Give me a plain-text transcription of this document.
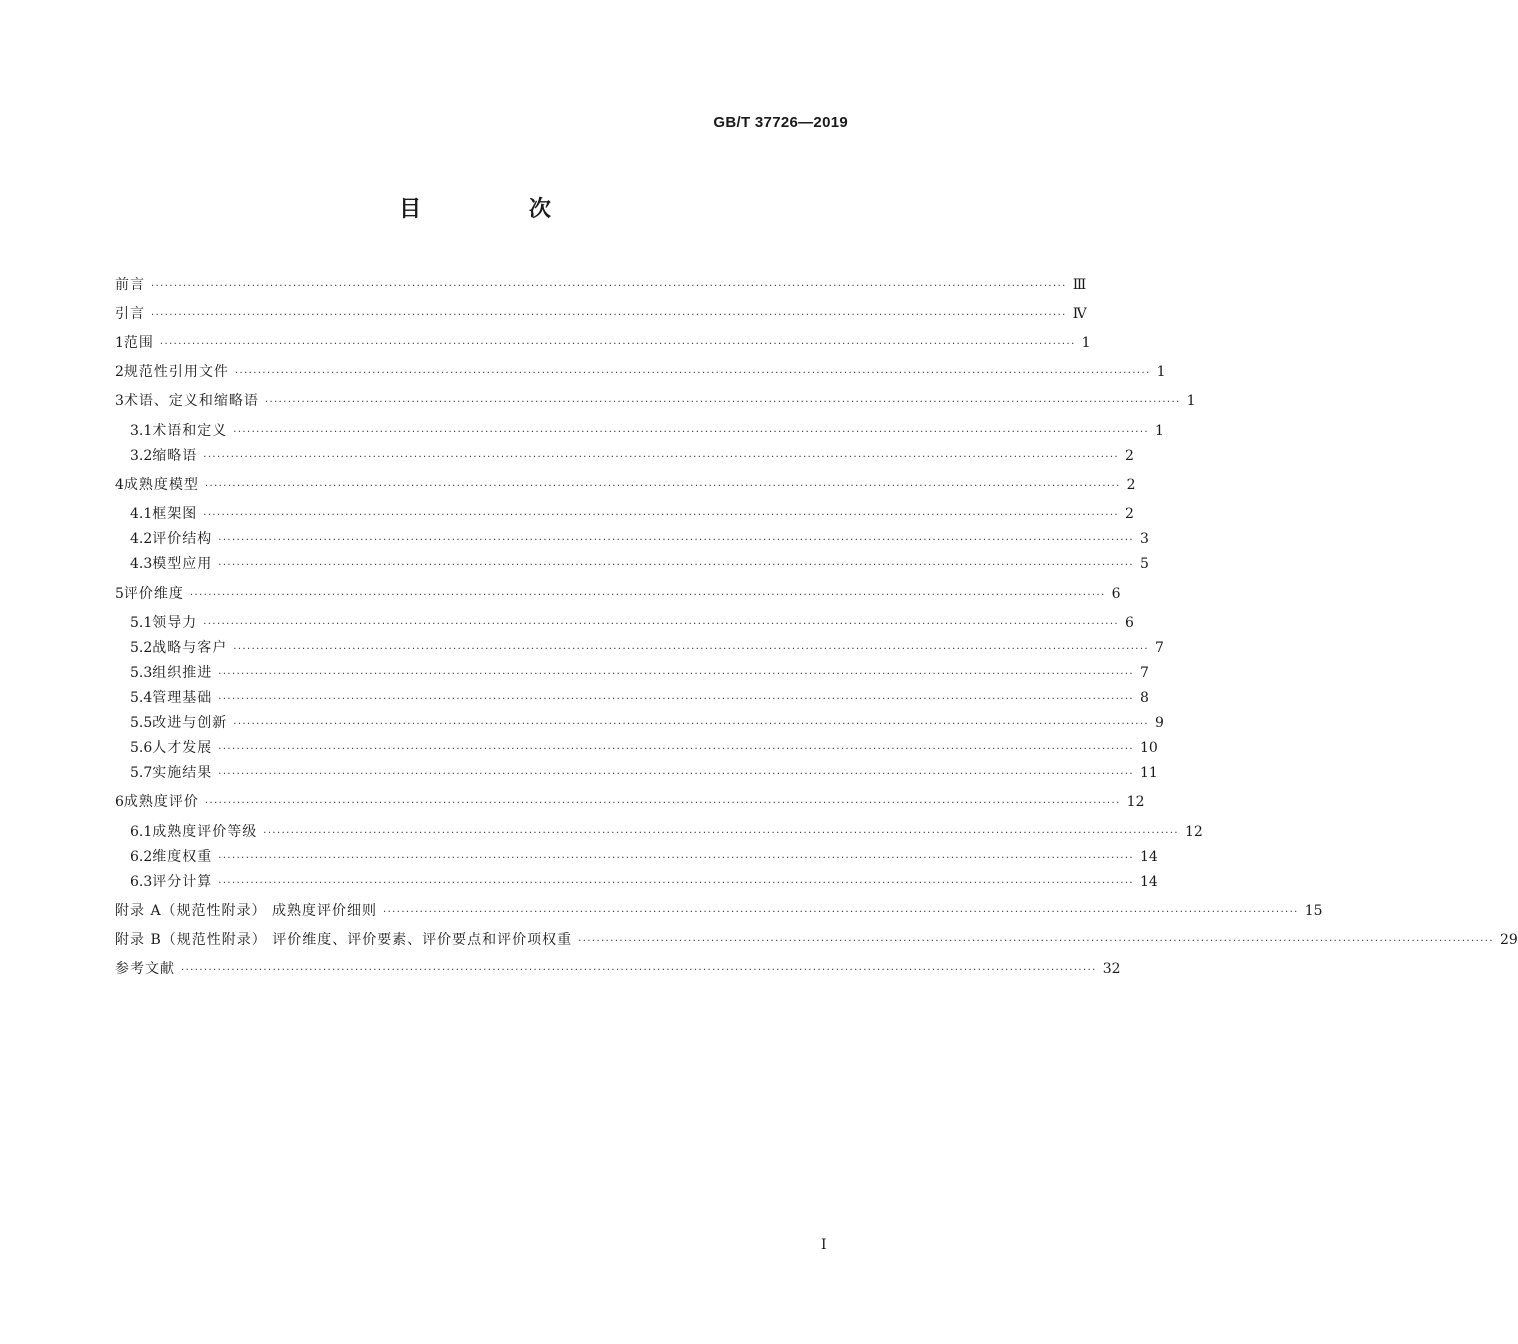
GB/T 37726—2019
目 次
前言 ········································································································································································································ Ⅲ
引言 ········································································································································································································ Ⅳ
1 范围 ········································································································································································································ 1
2 规范性引用文件 ········································································································································································································ 1
3 术语、定义和缩略语 ········································································································································································································ 1
3.1 术语和定义 ········································································································································································································ 1
3.2 缩略语 ········································································································································································································ 2
4 成熟度模型 ········································································································································································································ 2
4.1 框架图 ········································································································································································································ 2
4.2 评价结构 ········································································································································································································ 3
4.3 模型应用 ········································································································································································································ 5
5 评价维度 ········································································································································································································ 6
5.1 领导力 ········································································································································································································ 6
5.2 战略与客户 ········································································································································································································ 7
5.3 组织推进 ········································································································································································································ 7
5.4 管理基础 ········································································································································································································ 8
5.5 改进与创新 ········································································································································································································ 9
5.6 人才发展 ········································································································································································································ 10
5.7 实施结果 ········································································································································································································ 11
6 成熟度评价 ········································································································································································································ 12
6.1 成熟度评价等级 ········································································································································································································ 12
6.2 维度权重 ········································································································································································································ 14
6.3 评分计算 ········································································································································································································ 14
附录 A（规范性附录） 成熟度评价细则 ········································································································································································································ 15
附录 B（规范性附录） 评价维度、评价要素、评价要点和评价项权重 ········································································································································································································ 29
参考文献 ········································································································································································································ 32
Ⅰ
